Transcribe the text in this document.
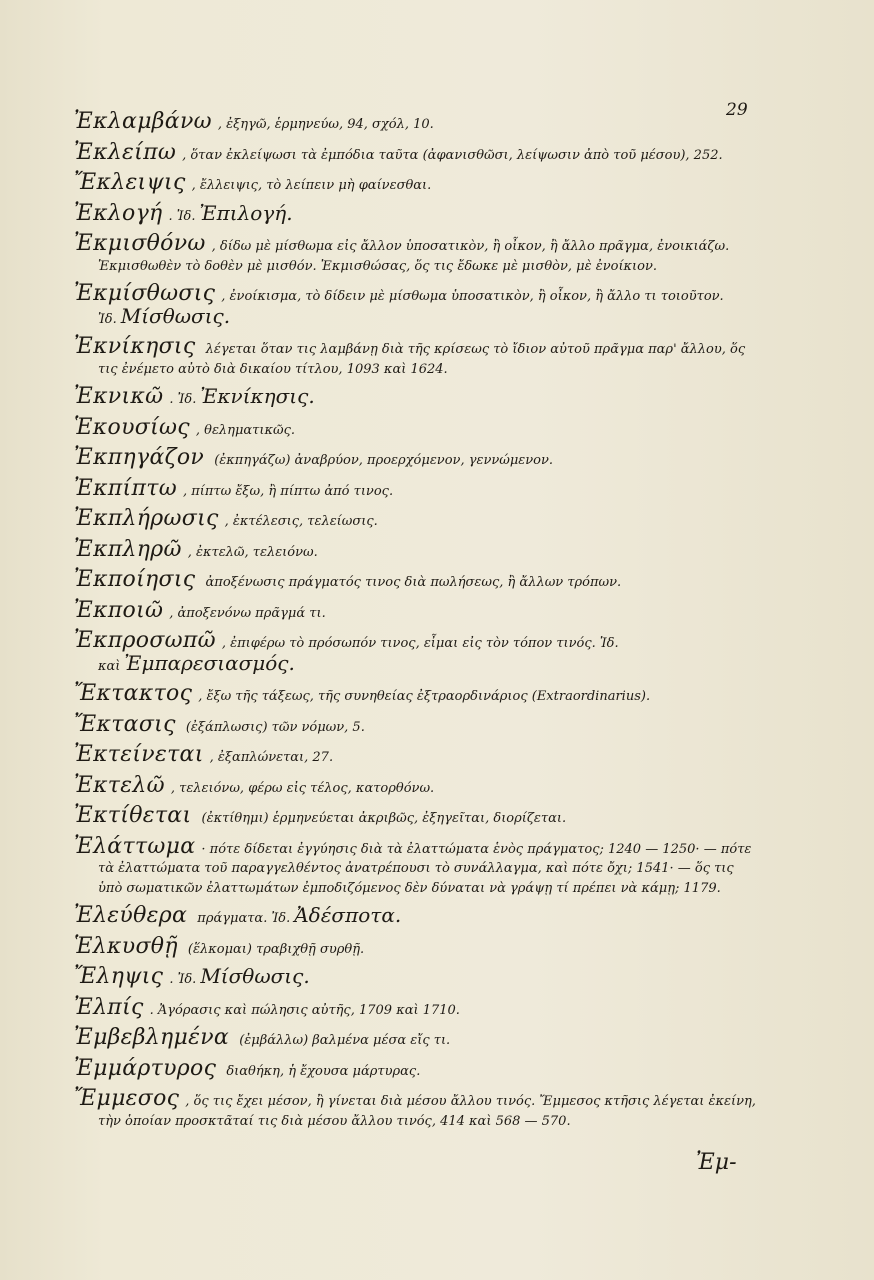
29
Ἐκλαμβάνω , ἐξηγῶ, ἑρμηνεύω, 94, σχόλ, 10.
Ἐκλείπω , ὅταν ἐκλείψωσι τὰ ἐμπόδια ταῦτα (ἀφανισθῶσι, λείψωσιν ἀπὸ τοῦ μέσου), 252.
Ἔκλειψις , ἔλλειψις, τὸ λείπειν μὴ φαίνεσθαι.
Ἐκλογή . Ἰδ. Ἐπιλογή.
Ἐκμισθόνω , δίδω μὲ μίσθωμα εἰς ἄλλον ὑποσατικὸν, ἢ οἶκον, ἢ ἄλλο πρᾶγμα, ἐνοικιάζω. Ἐκμισθωθὲν τὸ δοθὲν μὲ μισθόν. Ἐκμισθώσας, ὅς τις ἔδωκε μὲ μισθὸν, μὲ ἐνοίκιον.
Ἐκμίσθωσις , ἐνοίκισμα, τὸ δίδειν μὲ μίσθωμα ὑποσατικὸν, ἢ οἶκον, ἢ ἄλλο τι τοιοῦτον. Ἰδ. Μίσθωσις.
Ἐκνίκησις λέγεται ὅταν τις λαμβάνῃ διὰ τῆς κρίσεως τὸ ἴδιον αὐτοῦ πρᾶγμα παρ' ἄλλου, ὅς τις ἐνέμετο αὐτὸ διὰ δικαίου τίτλου, 1093 καὶ 1624.
Ἐκνικῶ . Ἰδ. Ἐκνίκησις.
Ἑκουσίως , θεληματικῶς.
Ἐκπηγάζον (ἐκπηγάζω) ἀναβρύον, προερχόμενον, γεννώμενον.
Ἐκπίπτω , πίπτω ἔξω, ἢ πίπτω ἀπό τινος.
Ἐκπλήρωσις , ἐκτέλεσις, τελείωσις.
Ἐκπληρῶ , ἐκτελῶ, τελειόνω.
Ἐκποίησις ἀποξένωσις πράγματός τινος διὰ πωλήσεως, ἢ ἄλλων τρόπων.
Ἐκποιῶ , ἀποξενόνω πρᾶγμά τι.
Ἐκπροσωπῶ , ἐπιφέρω τὸ πρόσωπόν τινος, εἶμαι εἰς τὸν τόπον τινός. Ἰδ. καὶ Ἐμπαρεσιασμός.
Ἔκτακτος , ἔξω τῆς τάξεως, τῆς συνηθείας ἐξτραορδινάριος (Extraordinarius).
Ἔκτασις (ἐξάπλωσις) τῶν νόμων, 5.
Ἐκτείνεται , ἐξαπλώνεται, 27.
Ἐκτελῶ , τελειόνω, φέρω εἰς τέλος, κατορθόνω.
Ἐκτίθεται (ἐκτίθημι) ἑρμηνεύεται ἀκριβῶς, ἐξηγεῖται, διορίζεται.
Ἐλάττωμα · πότε δίδεται ἐγγύησις διὰ τὰ ἐλαττώματα ἑνὸς πράγματος; 1240 — 1250· — πότε τὰ ἐλαττώματα τοῦ παραγγελθέντος ἀνατρέπουσι τὸ συνάλλαγμα, καὶ πότε ὄχι; 1541· — ὅς τις ὑπὸ σωματικῶν ἐλαττωμάτων ἐμποδιζόμενος δὲν δύναται νὰ γράψῃ τί πρέπει νὰ κάμῃ; 1179.
Ἐλεύθερα πράγματα. Ἰδ. Ἀδέσποτα.
Ἑλκυσθῇ (ἕλκομαι) τραβιχθῇ συρθῇ.
Ἔληψις . Ἰδ. Μίσθωσις.
Ἐλπίς . Ἀγόρασις καὶ πώλησις αὐτῆς, 1709 καὶ 1710.
Ἐμβεβλημένα (ἐμβάλλω) βαλμένα μέσα εἴς τι.
Ἐμμάρτυρος διαθήκη, ἡ ἔχουσα μάρτυρας.
Ἔμμεσος , ὅς τις ἔχει μέσον, ἢ γίνεται διὰ μέσου ἄλλου τινός. Ἔμμεσος κτῆσις λέγεται ἐκείνη, τὴν ὁποίαν προσκτᾶταί τις διὰ μέσου ἄλλου τινός, 414 καὶ 568 — 570.
Ἐμ-
